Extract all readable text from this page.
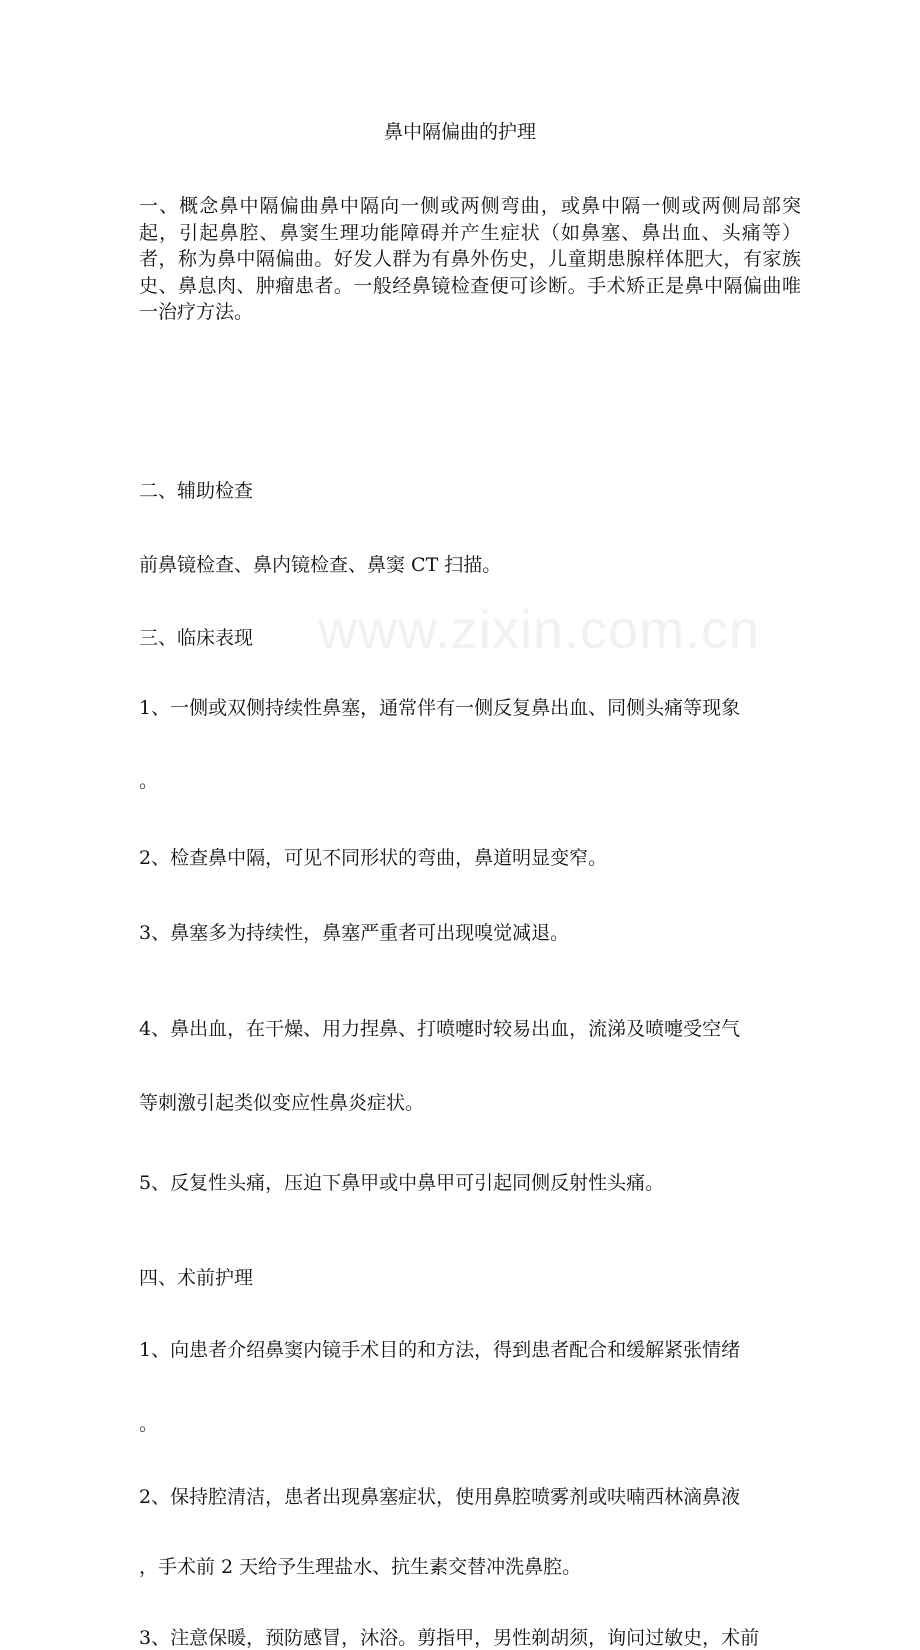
www.zixin.com.cn
鼻中隔偏曲的护理
一、概念鼻中隔偏曲鼻中隔向一侧或两侧弯曲，或鼻中隔一侧或两侧局部突起，引起鼻腔、鼻窦生理功能障碍并产生症状（如鼻塞、鼻出血、头痛等）者，称为鼻中隔偏曲。好发人群为有鼻外伤史，儿童期患腺样体肥大，有家族史、鼻息肉、肿瘤患者。一般经鼻镜检查便可诊断。手术矫正是鼻中隔偏曲唯一治疗方法。
二、辅助检查
前鼻镜检查、鼻内镜检查、鼻窦 CT 扫描。
三、临床表现
1、一侧或双侧持续性鼻塞，通常伴有一侧反复鼻出血、同侧头痛等现象
。
2、检查鼻中隔，可见不同形状的弯曲，鼻道明显变窄。
3、鼻塞多为持续性，鼻塞严重者可出现嗅觉减退。
4、鼻出血，在干燥、用力捏鼻、打喷嚏时较易出血，流涕及喷嚏受空气
等刺激引起类似变应性鼻炎症状。
5、反复性头痛，压迫下鼻甲或中鼻甲可引起同侧反射性头痛。
四、术前护理
1、向患者介绍鼻窦内镜手术目的和方法，得到患者配合和缓解紧张情绪
。
2、保持腔清洁，患者出现鼻塞症状，使用鼻腔喷雾剂或呋喃西林滴鼻液
，手术前 2 天给予生理盐水、抗生素交替冲洗鼻腔。
3、注意保暖，预防感冒，沐浴。剪指甲，男性剃胡须，询问过敏史，术前
